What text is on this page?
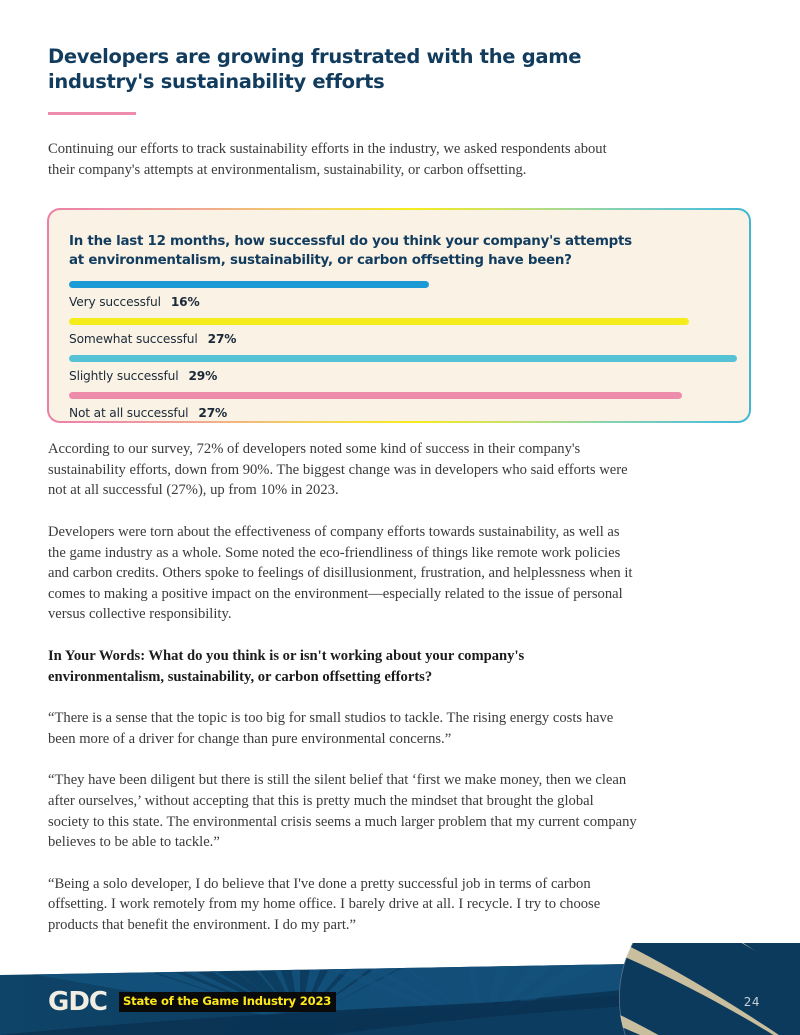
Developers are growing frustrated with the game industry's sustainability efforts

Continuing our efforts to track sustainability efforts in the industry, we asked respondents about their company's attempts at environmentalism, sustainability, or carbon offsetting.

According to our survey, 72% of developers noted some kind of success in their company's sustainability efforts, down from 90%. The biggest change was in developers who said efforts were not at all successful (27%), up from 10% in 2023.

Developers were torn about the effectiveness of company efforts towards sustainability, as well as the game industry as a whole. Some noted the eco-friendliness of things like remote work policies and carbon credits. Others spoke to feelings of disillusionment, frustration, and helplessness when it comes to making a positive impact on the environment—especially related to the issue of personal versus collective responsibility.

In Your Words: What do you think is or isn't working about your company's environmentalism, sustainability, or carbon offsetting efforts?

“There is a sense that the topic is too big for small studios to tackle. The rising energy costs have been more of a driver for change than pure environmental concerns.”

“They have been diligent but there is still the silent belief that ‘first we make money, then we clean after ourselves,’ without accepting that this is pretty much the mindset that brought the global society to this state. The environmental crisis seems a much larger problem that my current company believes to be able to tackle.”

“Being a solo developer, I do believe that I've done a pretty successful job in terms of carbon offsetting. I work remotely from my home office. I barely drive at all. I recycle. I try to choose products that benefit the environment. I do my part.”

In the last 12 months, how successful do you think your company's attempts at environmentalism, sustainability, or carbon offsetting have been?
Very successful 16%
Somewhat successful 27%
Slightly successful 29%
Not at all successful 27%
GDC	State of the Game Industry 2023	24
